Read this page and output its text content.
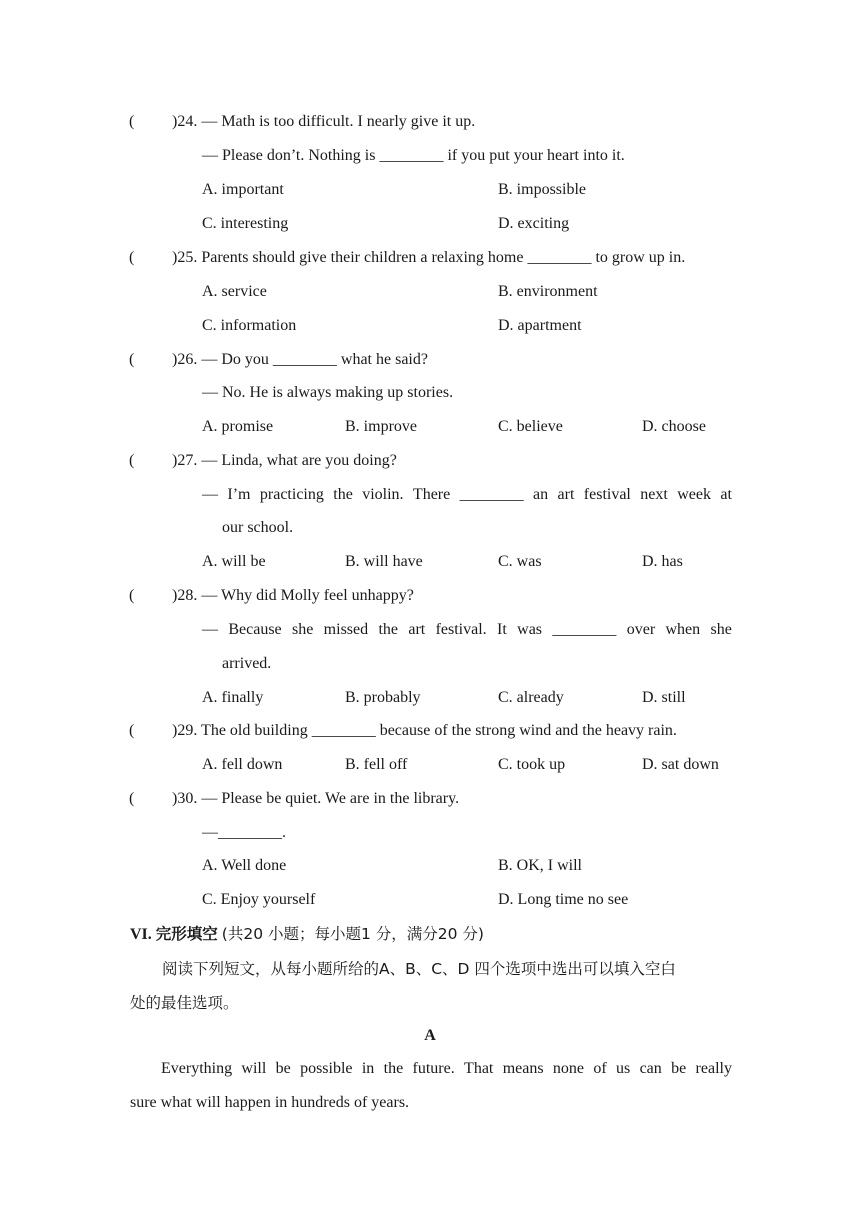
( )24. — Math is too difficult. I nearly give it up.
— Please don’t. Nothing is ________ if you put your heart into it.
A. important	B. impossible
C. interesting	D. exciting
( )25. Parents should give their children a relaxing home ________ to grow up in.
A. service	B. environment
C. information	D. apartment
( )26. — Do you ________ what he said?
— No. He is always making up stories.
A. promise	B. improve	C. believe	D. choose
( )27. — Linda, what are you doing?
— I’m practicing the violin. There ________ an art festival next week at
our school.
A. will be	B. will have	C. was	D. has
( )28. — Why did Molly feel unhappy?
— Because she missed the art festival. It was ________ over when she
arrived.
A. finally	B. probably	C. already	D. still
( )29. The old building ________ because of the strong wind and the heavy rain.
A. fell down	B. fell off	C. took up	D. sat down
( )30. — Please be quiet. We are in the library.
—________.
A. Well done	B. OK, I will
C. Enjoy yourself	D. Long time no see
VI. 完形填空 (共20 小题；每小题1 分，满分20 分)
阅读下列短文，从每小题所给的A、B、C、D 四个选项中选出可以填入空白
处的最佳选项。
A
Everything will be possible in the future. That means none of us can be really
sure what will happen in hundreds of years.
